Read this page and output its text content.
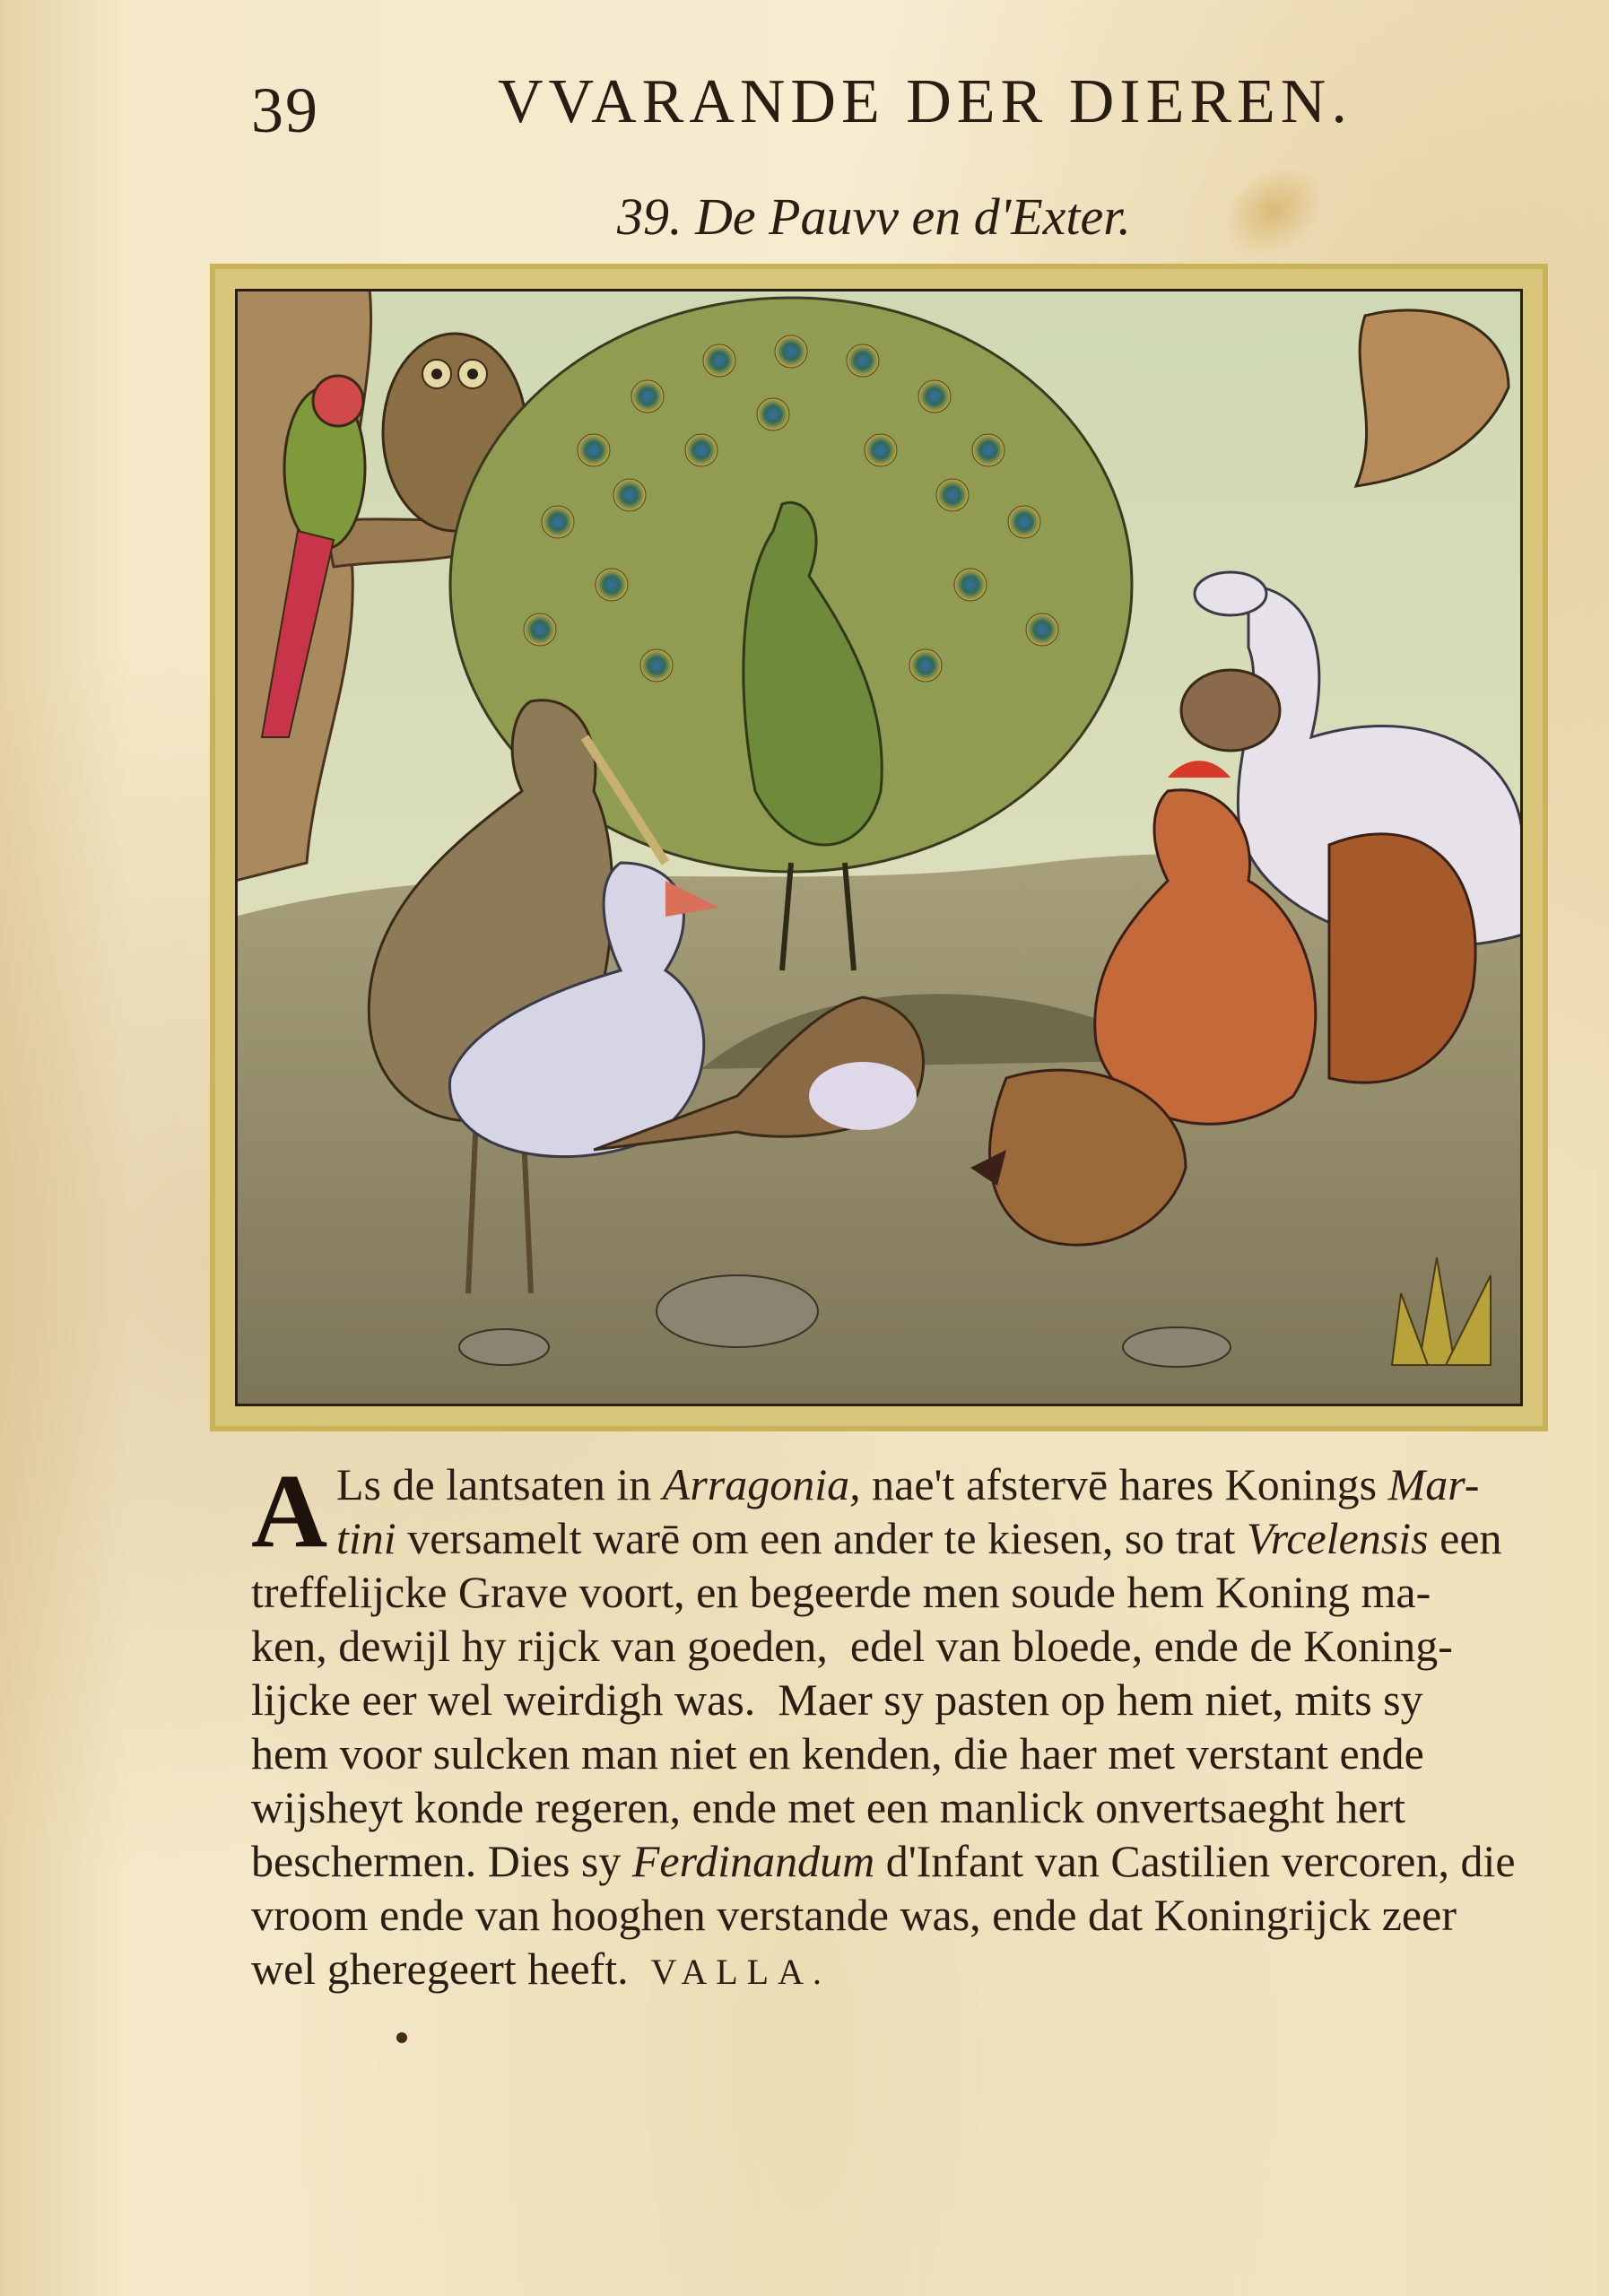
39	VVARANDE DER DIEREN.
39. De Pauvv en d'Exter.
A Ls de lantsaten in Arragonia, nae't afstervē hares Konings Mar-
tini versamelt warē om een ander te kiesen, so trat Vrcelensis een
treffelijcke Grave voort, en begeerde men soude hem Koning ma-
ken, dewijl hy rijck van goeden,  edel van bloede, ende de Koning-
lijcke eer wel weirdigh was.  Maer sy pasten op hem niet, mits sy
hem voor sulcken man niet en kenden, die haer met verstant ende
wijsheyt konde regeren, ende met een manlick onvertsaeght hert
beschermen. Dies sy Ferdinandum d'Infant van Castilien vercoren, die
vroom ende van hooghen verstande was, ende dat Koningrijck zeer
wel gheregeert heeft.  VALLA.
